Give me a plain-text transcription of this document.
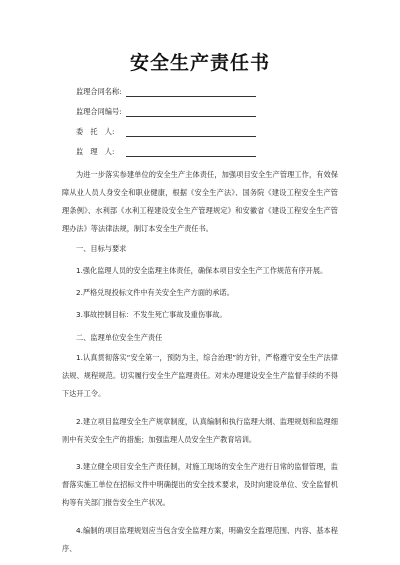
安全生产责任书
监理合同名称:
监理合同编号:
委　托　人:
监　理　人:

为进一步落实参建单位的安全生产主体责任，加强项目安全生产管理工作，有效保障从业人员人身安全和职业健康，根据《安全生产法》、国务院《建设工程安全生产管理条例》、水利部《水利工程建设安全生产管理规定》和安徽省《建设工程安全生产管理办法》等法律法规，制订本安全生产责任书。

一、目标与要求

1.强化监理人员的安全监理主体责任，确保本项目安全生产工作规范有序开展。

2.严格兑现投标文件中有关安全生产方面的承诺。

3.事故控制目标：不发生死亡事故及重伤事故。

二、监理单位安全生产责任

1.认真贯彻落实“安全第一，预防为主，综合治理”的方针，严格遵守安全生产法律法规、规程规范。切实履行安全生产监理责任。对未办理建设安全生产监督手续的不得下达开工令。

2.建立项目监理安全生产规章制度，认真编制和执行监理大纲、监理规划和监理细则中有关安全生产的措施；加强监理人员安全生产教育培训。

3.建立健全项目安全生产责任制，对施工现场的安全生产进行日常的监督管理，监督落实施工单位在招标文件中明确提出的安全技术要求，及时向建设单位、安全监督机构等有关部门报告安全生产状况。

4.编制的项目监理规划应当包含安全监理方案，明确安全监理范围、内容、基本程序、
